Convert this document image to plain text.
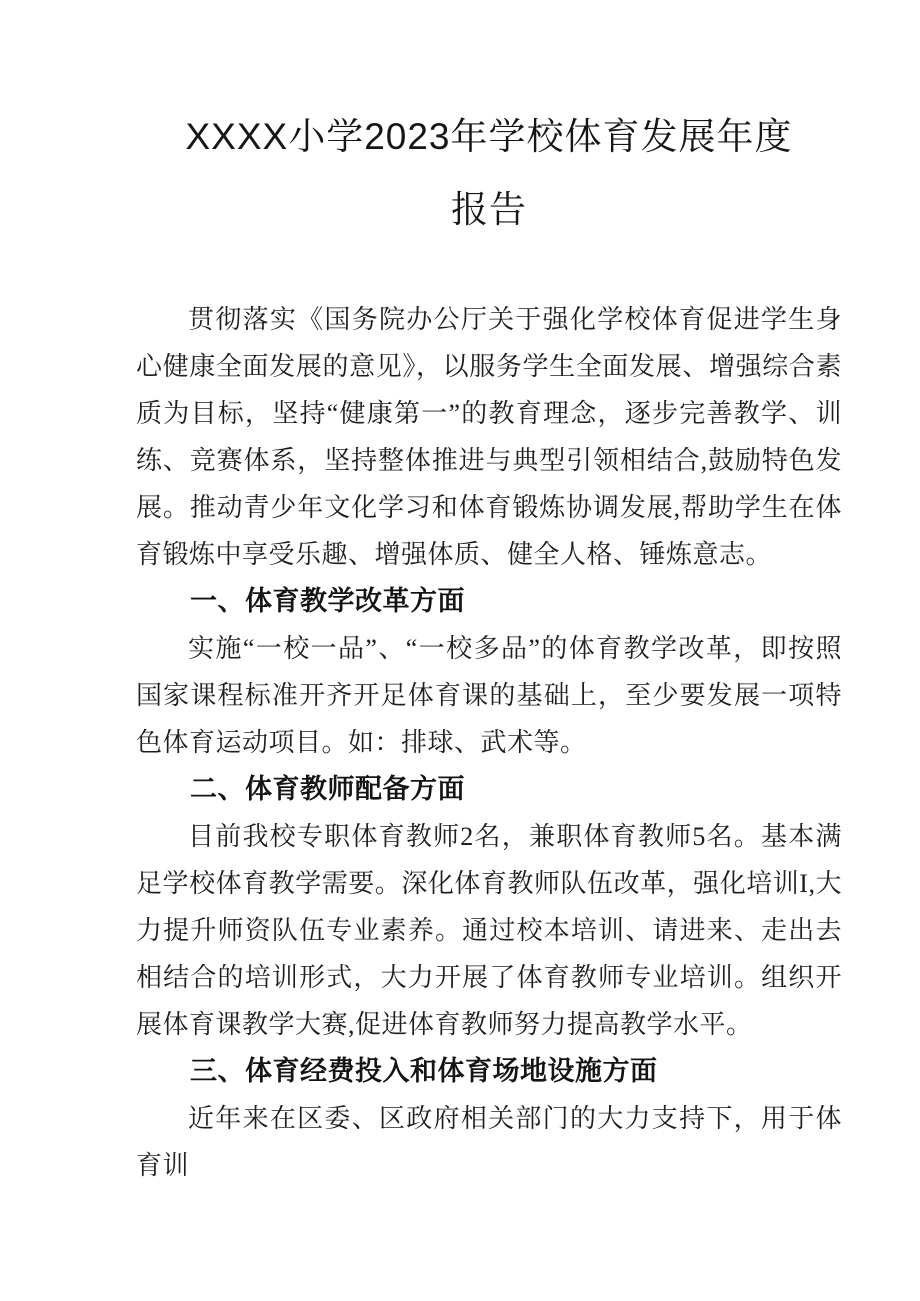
XXXX小学2023年学校体育发展年度
报告

贯彻落实《国务院办公厅关于强化学校体育促进学生身心健康全面发展的意见》，以服务学生全面发展、增强综合素质为目标，坚持“健康第一”的教育理念，逐步完善教学、训练、竞赛体系，坚持整体推进与典型引领相结合,鼓励特色发展。推动青少年文化学习和体育锻炼协调发展,帮助学生在体育锻炼中享受乐趣、增强体质、健全人格、锤炼意志。

一、体育教学改革方面

实施“一校一品”、“一校多品”的体育教学改革，即按照国家课程标准开齐开足体育课的基础上，至少要发展一项特色体育运动项目。如：排球、武术等。

二、体育教师配备方面

目前我校专职体育教师2名，兼职体育教师5名。基本满足学校体育教学需要。深化体育教师队伍改革，强化培训I,大力提升师资队伍专业素养。通过校本培训、请进来、走出去相结合的培训形式，大力开展了体育教师专业培训。组织开展体育课教学大赛,促进体育教师努力提高教学水平。

三、体育经费投入和体育场地设施方面

近年来在区委、区政府相关部门的大力支持下，用于体育训
